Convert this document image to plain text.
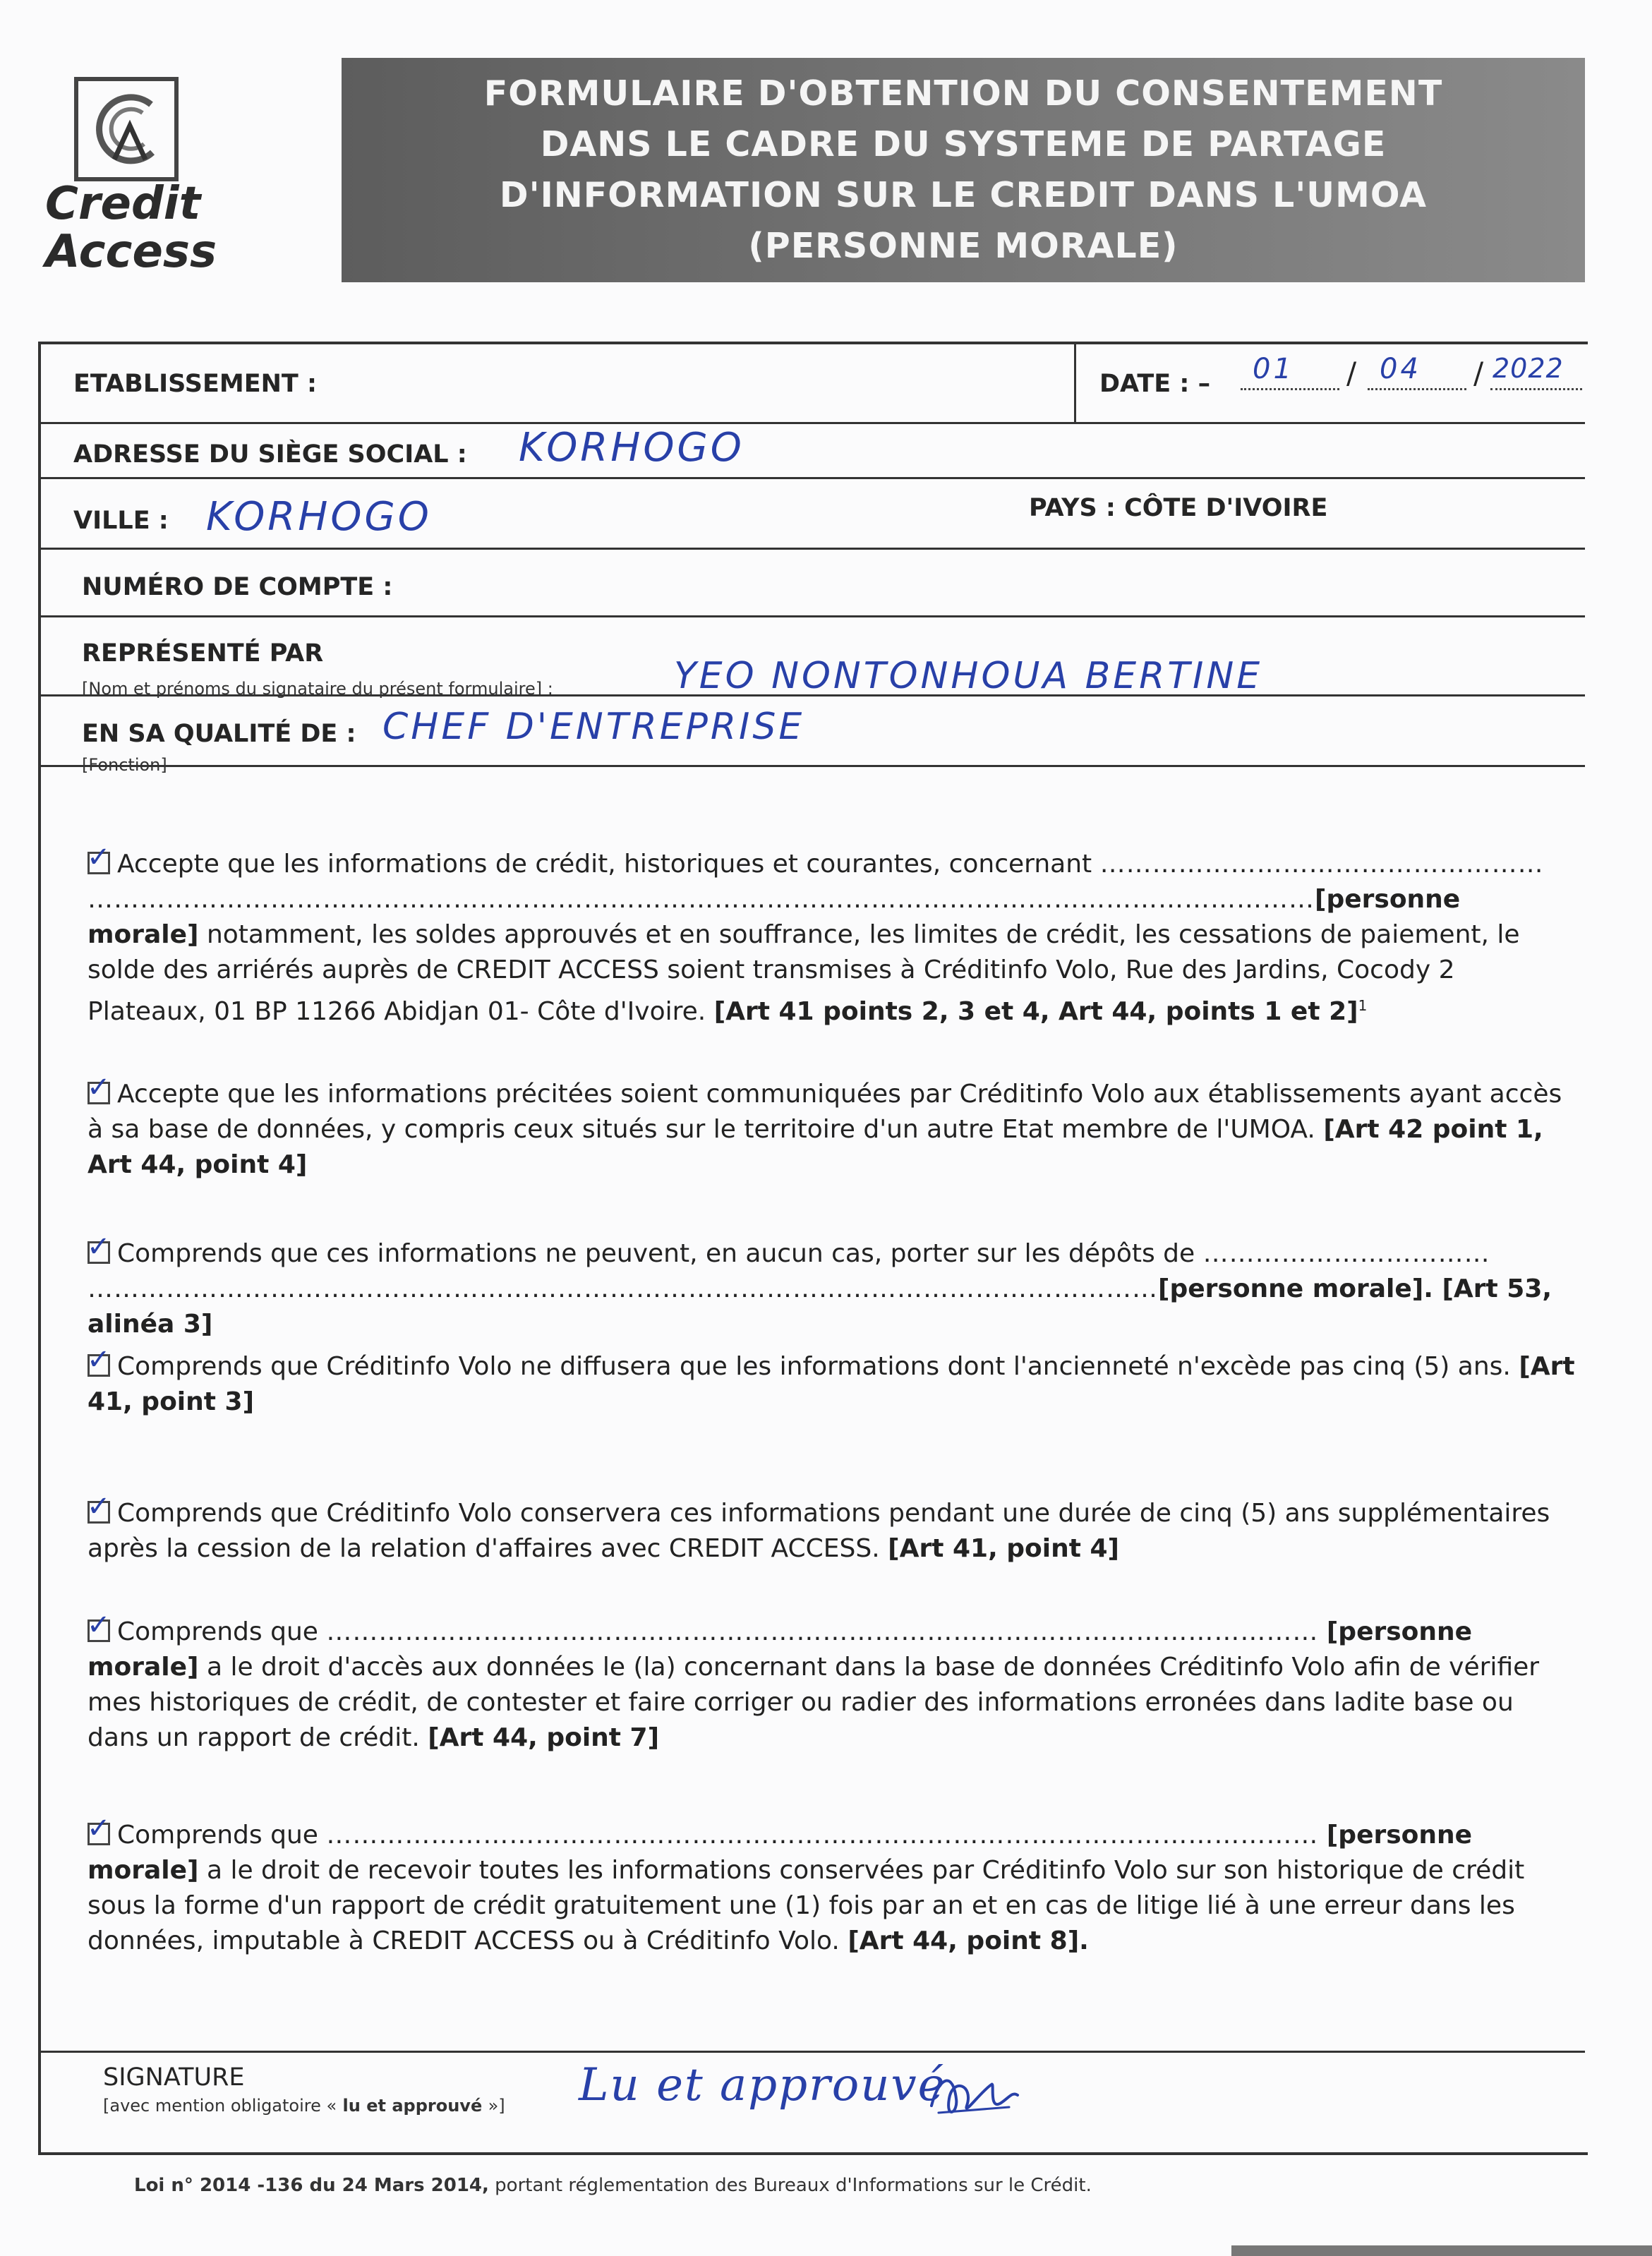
Credit
Access
FORMULAIRE D'OBTENTION DU CONSENTEMENT
DANS LE CADRE DU SYSTEME DE PARTAGE
D'INFORMATION SUR LE CREDIT DANS L'UMOA
(PERSONNE MORALE)
ETABLISSEMENT :	DATE : – 01 / 04 / 2022
ADRESSE DU SIÈGE SOCIAL : KORHOGO
VILLE : KORHOGO	PAYS : CÔTE D'IVOIRE
NUMÉRO DE COMPTE :
REPRÉSENTÉ PAR
[Nom et prénoms du signataire du présent formulaire] :	YEO NONTONHOUA BERTINE
EN SA QUALITÉ DE : CHEF D'ENTREPRISE
[Fonction]
✓Accepte que les informations de crédit, historiques et courantes, concernant ……………………………………………
……………………………………………………………………………………………………………………………[personne morale] notamment, les soldes approuvés et en souffrance, les limites de crédit, les cessations de paiement, le solde des arriérés auprès de CREDIT ACCESS soient transmises à Créditinfo Volo, Rue des Jardins, Cocody 2 Plateaux, 01 BP 11266 Abidjan 01- Côte d'Ivoire. [Art 41 points 2, 3 et 4, Art 44, points 1 et 2]$^1$
✓Accepte que les informations précitées soient communiquées par Créditinfo Volo aux établissements ayant accès à sa base de données, y compris ceux situés sur le territoire d'un autre Etat membre de l'UMOA. [Art 42 point 1, Art 44, point 4]
✓Comprends que ces informations ne peuvent, en aucun cas, porter sur les dépôts de ……………………………
……………………………………………………………………………………………………………[personne morale]. [Art 53, alinéa 3]
✓Comprends que Créditinfo Volo ne diffusera que les informations dont l'ancienneté n'excède pas cinq (5) ans. [Art 41, point 3]
✓Comprends que Créditinfo Volo conservera ces informations pendant une durée de cinq (5) ans supplémentaires après la cession de la relation d'affaires avec CREDIT ACCESS. [Art 41, point 4]
✓Comprends que …………………………………………………………………………………………………… [personne morale] a le droit d'accès aux données le (la) concernant dans la base de données Créditinfo Volo afin de vérifier mes historiques de crédit, de contester et faire corriger ou radier des informations erronées dans ladite base ou dans un rapport de crédit. [Art 44, point 7]
✓Comprends que …………………………………………………………………………………………………… [personne morale] a le droit de recevoir toutes les informations conservées par Créditinfo Volo sur son historique de crédit sous la forme d'un rapport de crédit gratuitement une (1) fois par an et en cas de litige lié à une erreur dans les données, imputable à CREDIT ACCESS ou à Créditinfo Volo. [Art 44, point 8].
SIGNATURE
[avec mention obligatoire « lu et approuvé »] Lu et approuvé
Loi n° 2014 -136 du 24 Mars 2014, portant réglementation des Bureaux d'Informations sur le Crédit.
